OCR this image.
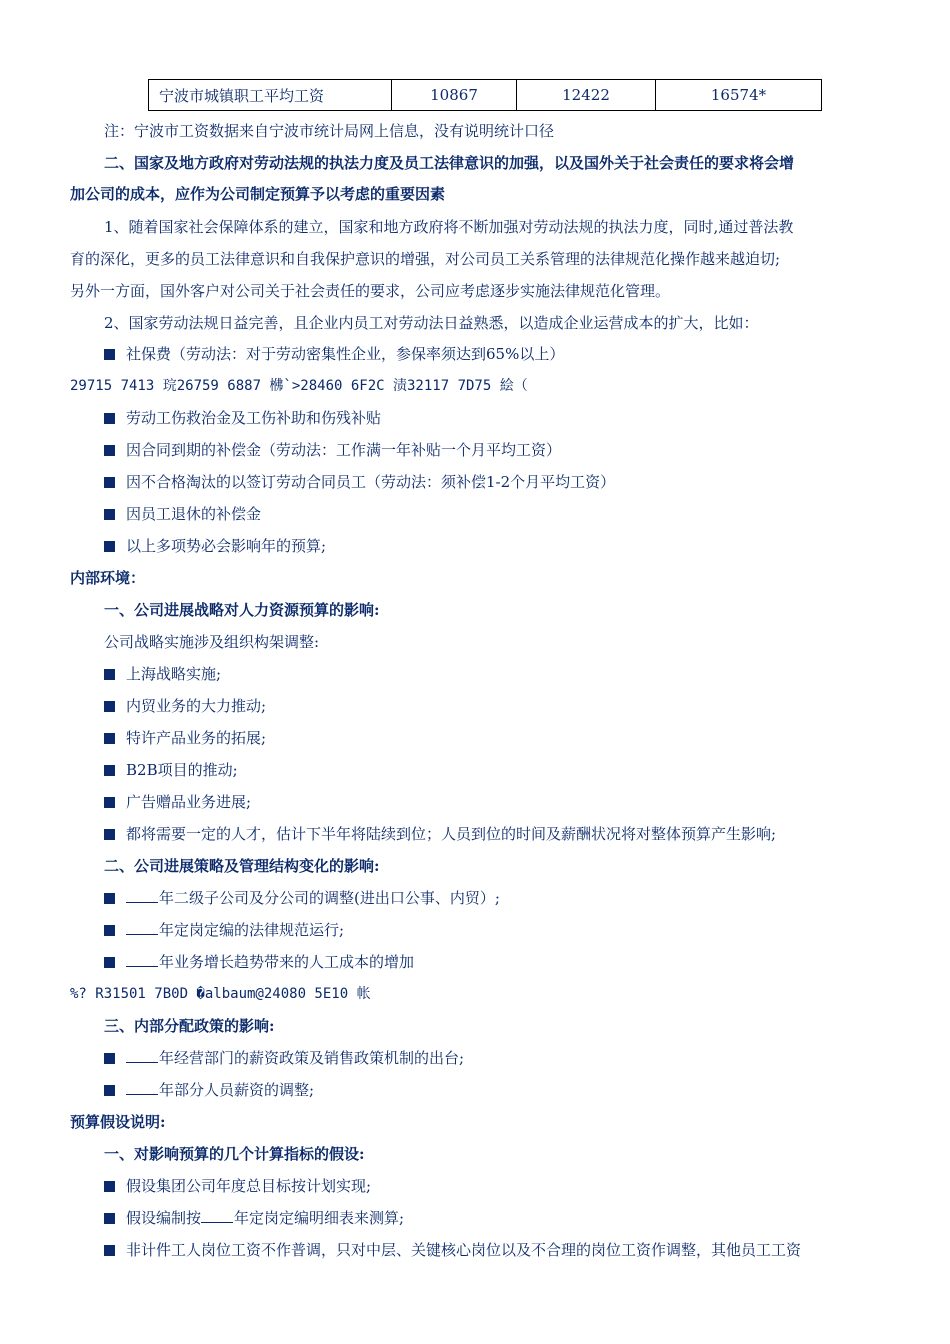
宁波市城镇职工平均工资	10867	12422	16574*
注：宁波市工资数据来自宁波市统计局网上信息，没有说明统计口径
二、国家及地方政府对劳动法规的执法力度及员工法律意识的加强，以及国外关于社会责任的要求将会增
加公司的成本，应作为公司制定预算予以考虑的重要因素
1、随着国家社会保障体系的建立，国家和地方政府将不断加强对劳动法规的执法力度，同时,通过普法教
育的深化，更多的员工法律意识和自我保护意识的增强，对公司员工关系管理的法律规范化操作越来越迫切;
另外一方面，国外客户对公司关于社会责任的要求，公司应考虑逐步实施法律规范化管理。
2、国家劳动法规日益完善，且企业内员工对劳动法日益熟悉，以造成企业运营成本的扩大，比如：
社保费（劳动法：对于劳动密集性企业，参保率须达到65%以上）
29715 7413 琓26759 6887 梻`>28460 6F2C 渍32117 7D75 絵（
劳动工伤救治金及工伤补助和伤残补贴
因合同到期的补偿金（劳动法：工作满一年补贴一个月平均工资）
因不合格淘汰的以签订劳动合同员工（劳动法：须补偿1-2个月平均工资）
因员工退休的补偿金
以上多项势必会影响年的预算;
内部环境：
一、公司进展战略对人力资源预算的影响:
公司战略实施涉及组织构架调整:
上海战略实施;
内贸业务的大力推动;
特许产品业务的拓展;
B2B项目的推动;
广告赠品业务进展;
都将需要一定的人才，估计下半年将陆续到位；人员到位的时间及薪酬状况将对整体预算产生影响;
二、公司进展策略及管理结构变化的影响:
年二级子公司及分公司的调整(进出口公事、内贸）;
年定岗定编的法律规范运行;
年业务增长趋势带来的人工成本的增加
%? R31501 7B0D �albaum@24080 5E10 帐
三、内部分配政策的影响:
年经营部门的薪资政策及销售政策机制的出台;
年部分人员薪资的调整;
预算假设说明:
一、对影响预算的几个计算指标的假设:
假设集团公司年度总目标按计划实现;
假设编制按 年定岗定编明细表来测算;
非计件工人岗位工资不作普调，只对中层、关键核心岗位以及不合理的岗位工资作调整，其他员工工资
